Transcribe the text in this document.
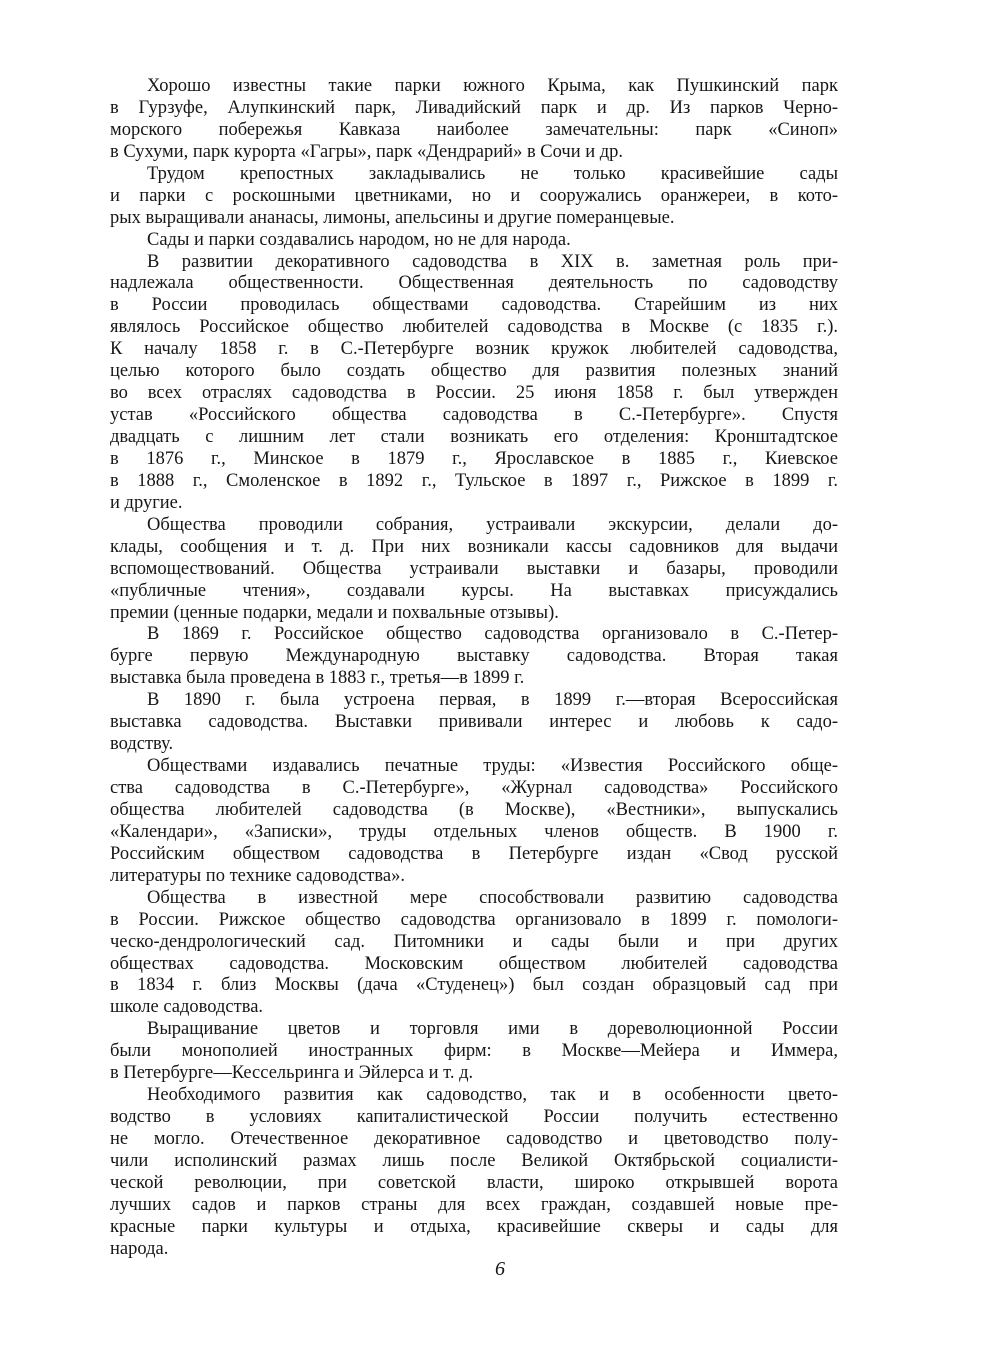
Хорошо известны такие парки южного Крыма, как Пушкинский парк
в Гурзуфе, Алупкинский парк, Ливадийский парк и др. Из парков Черно-
морского побережья Кавказа наиболее замечательны: парк «Синоп»
в Сухуми, парк курорта «Гагры», парк «Дендрарий» в Сочи и др.
Трудом крепостных закладывались не только красивейшие сады
и парки с роскошными цветниками, но и сооружались оранжереи, в кото-
рых выращивали ананасы, лимоны, апельсины и другие померанцевые.
Сады и парки создавались народом, но не для народа.
В развитии декоративного садоводства в XIX в. заметная роль при-
надлежала общественности. Общественная деятельность по садоводству
в России проводилась обществами садоводства. Старейшим из них
являлось Российское общество любителей садоводства в Москве (с 1835 г.).
К началу 1858 г. в С.-Петербурге возник кружок любителей садоводства,
целью которого было создать общество для развития полезных знаний
во всех отраслях садоводства в России. 25 июня 1858 г. был утвержден
устав «Российского общества садоводства в С.-Петербурге». Спустя
двадцать с лишним лет стали возникать его отделения: Кронштадтское
в 1876 г., Минское в 1879 г., Ярославское в 1885 г., Киевское
в 1888 г., Смоленское в 1892 г., Тульское в 1897 г., Рижское в 1899 г.
и другие.
Общества проводили собрания, устраивали экскурсии, делали до-
клады, сообщения и т. д. При них возникали кассы садовников для выдачи
вспомоществований. Общества устраивали выставки и базары, проводили
«публичные чтения», создавали курсы. На выставках присуждались
премии (ценные подарки, медали и похвальные отзывы).
В 1869 г. Российское общество садоводства организовало в С.-Петер-
бурге первую Международную выставку садоводства. Вторая такая
выставка была проведена в 1883 г., третья—в 1899 г.
В 1890 г. была устроена первая, в 1899 г.—вторая Всероссийская
выставка садоводства. Выставки прививали интерес и любовь к садо-
водству.
Обществами издавались печатные труды: «Известия Российского обще-
ства садоводства в С.-Петербурге», «Журнал садоводства» Российского
общества любителей садоводства (в Москве), «Вестники», выпускались
«Календари», «Записки», труды отдельных членов обществ. В 1900 г.
Российским обществом садоводства в Петербурге издан «Свод русской
литературы по технике садоводства».
Общества в известной мере способствовали развитию садоводства
в России. Рижское общество садоводства организовало в 1899 г. помологи-
ческо-дендрологический сад. Питомники и сады были и при других
обществах садоводства. Московским обществом любителей садоводства
в 1834 г. близ Москвы (дача «Студенец») был создан образцовый сад при
школе садоводства.
Выращивание цветов и торговля ими в дореволюционной России
были монополией иностранных фирм: в Москве—Мейера и Иммера,
в Петербурге—Кессельринга и Эйлерса и т. д.
Необходимого развития как садоводство, так и в особенности цвето-
водство в условиях капиталистической России получить естественно
не могло. Отечественное декоративное садоводство и цветоводство полу-
чили исполинский размах лишь после Великой Октябрьской социалисти-
ческой революции, при советской власти, широко открывшей ворота
лучших садов и парков страны для всех граждан, создавшей новые пре-
красные парки культуры и отдыха, красивейшие скверы и сады для
народа.
6
